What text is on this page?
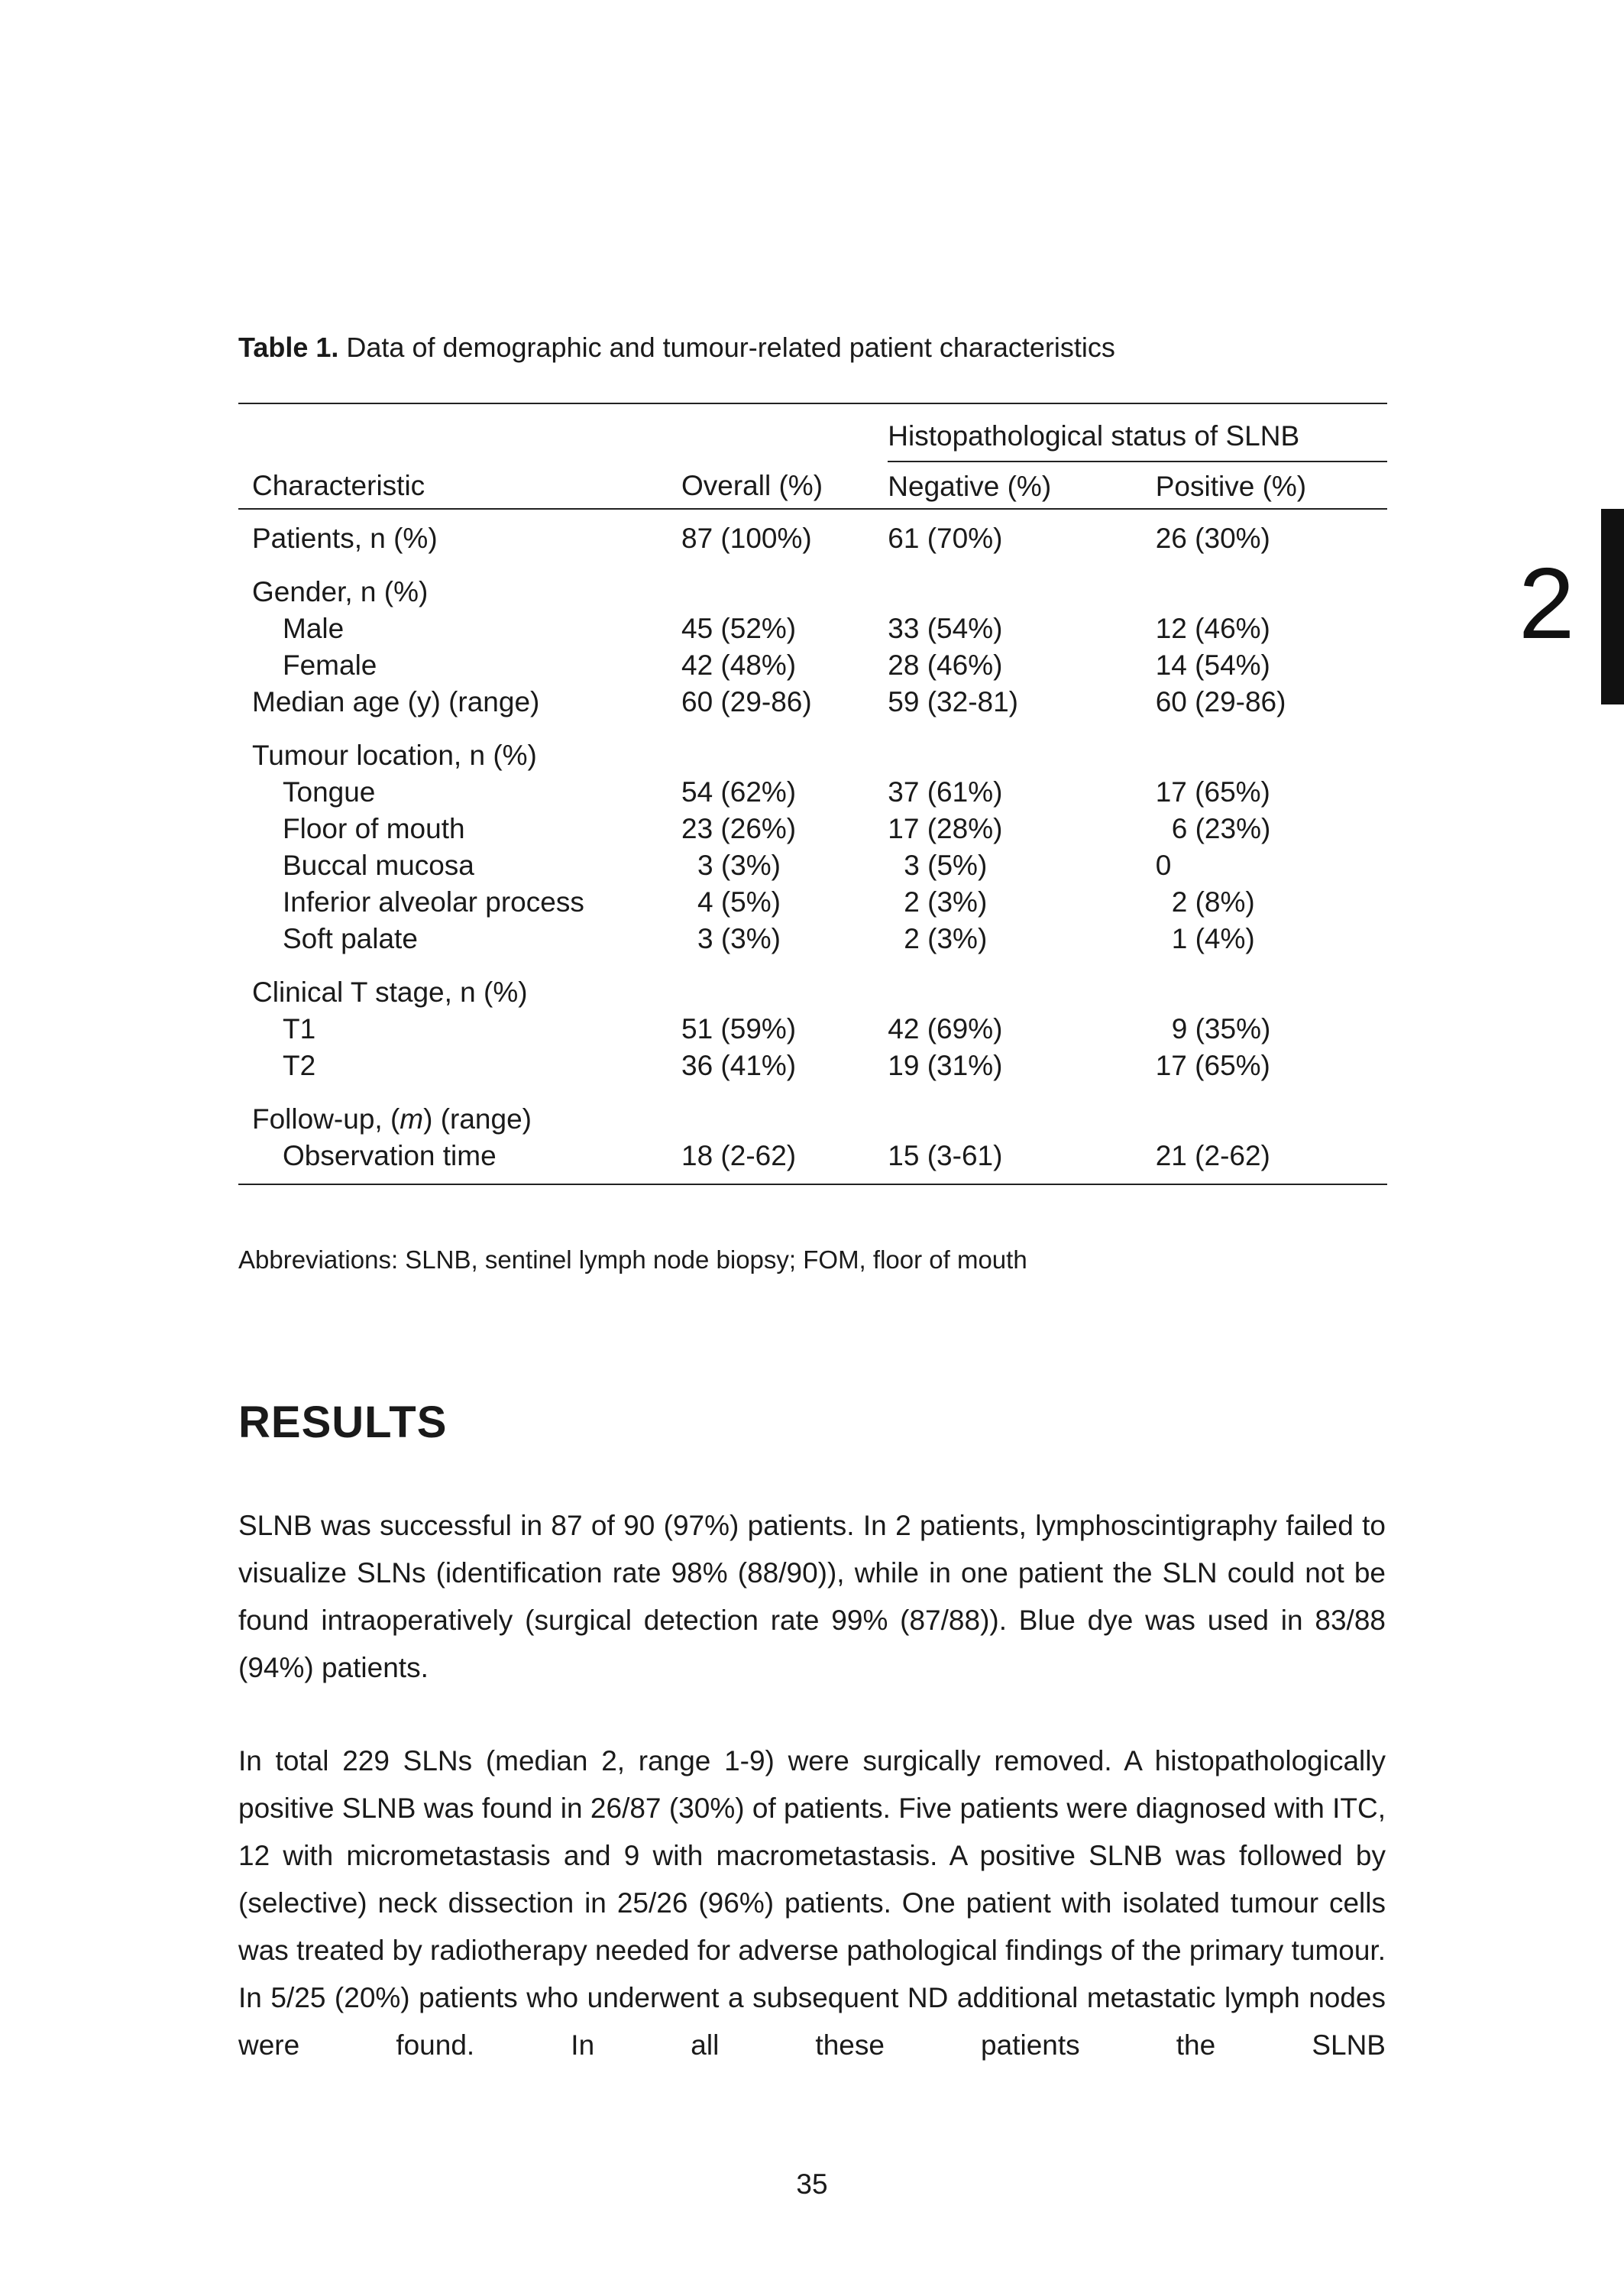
2
Table 1. Data of demographic and tumour-related patient characteristics
		Histopathological status of SLNB	
Characteristic	Overall (%)	Negative (%)	Positive (%)
Patients, n (%)	87 (100%)	61 (70%)	26 (30%)

Gender, n (%)			
Male	45 (52%)	33 (54%)	12 (46%)
Female	42 (48%)	28 (46%)	14 (54%)
Median age (y) (range)	60 (29-86)	59 (32-81)	60 (29-86)

Tumour location, n (%)			
Tongue	54 (62%)	37 (61%)	17 (65%)
Floor of mouth	23 (26%)	17 (28%)	6 (23%)
Buccal mucosa	3 (3%)	3 (5%)	0
Inferior alveolar process	4 (5%)	2 (3%)	2 (8%)
Soft palate	3 (3%)	2 (3%)	1 (4%)

Clinical T stage, n (%)			
T1	51 (59%)	42 (69%)	9 (35%)
T2	36 (41%)	19 (31%)	17 (65%)

Follow-up, (m) (range)			
Observation time	18 (2-62)	15 (3-61)	21 (2-62)
Abbreviations: SLNB, sentinel lymph node biopsy; FOM, floor of mouth
RESULTS
SLNB was successful in 87 of 90 (97%) patients. In 2 patients, lymphoscintigraphy failed to visualize SLNs (identification rate 98% (88/90)), while in one patient the SLN could not be found intraoperatively (surgical detection rate 99% (87/88)). Blue dye was used in 83/88 (94%) patients.
In total 229 SLNs (median 2, range 1-9) were surgically removed. A histopathologically positive SLNB was found in 26/87 (30%) of patients. Five patients were diagnosed with ITC, 12 with micrometastasis and 9 with macrometastasis. A positive SLNB was followed by (selective) neck dissection in 25/26 (96%) patients. One patient with isolated tumour cells was treated by radiotherapy needed for adverse pathological findings of the primary tumour. In 5/25 (20%) patients who underwent a subsequent ND additional metastatic lymph nodes were found. In all these patients the SLNB
35
